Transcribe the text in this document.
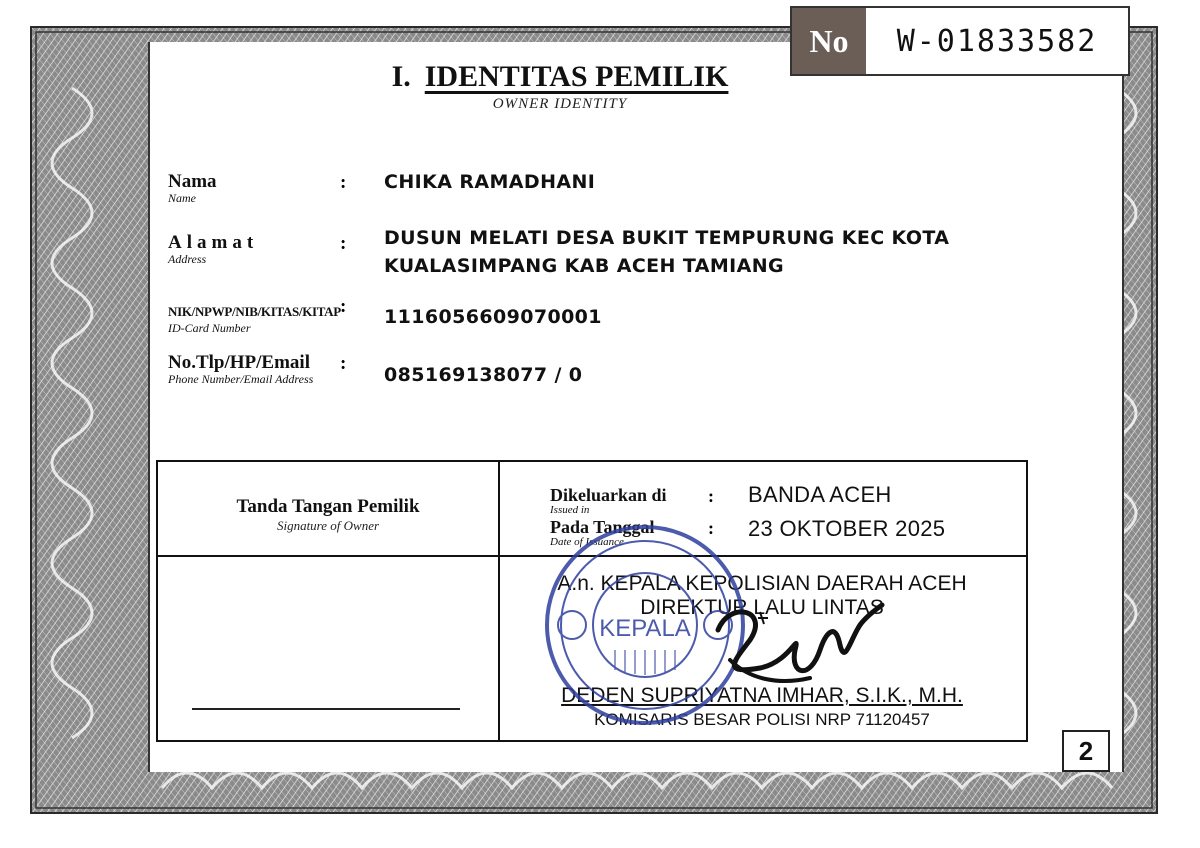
No	W-01833582
I. IDENTITAS PEMILIK
OWNER IDENTITY
Nama
Name
: CHIKA RAMADHANI
Alamat
Address
: DUSUN MELATI DESA BUKIT TEMPURUNG KEC KOTA
KUALASIMPANG KAB ACEH TAMIANG
NIK/NPWP/NIB/KITAS/KITAP
ID-Card Number
: 1116056609070001
No.Tlp/HP/Email
Phone Number/Email Address
:
085169138077 / 0
Tanda Tangan Pemilik
Signature of Owner
Dikeluarkan di
Issued in
: BANDA ACEH
Pada Tanggal
Date of Issuance
: 23 OKTOBER 2025
A.n. KEPALA KEPOLISIAN DAERAH ACEH
DIREKTUR LALU LINTAS
DEDEN SUPRIYATNA IMHAR, S.I.K., M.H.
KOMISARIS BESAR POLISI NRP 71120457
KEPALA
2
